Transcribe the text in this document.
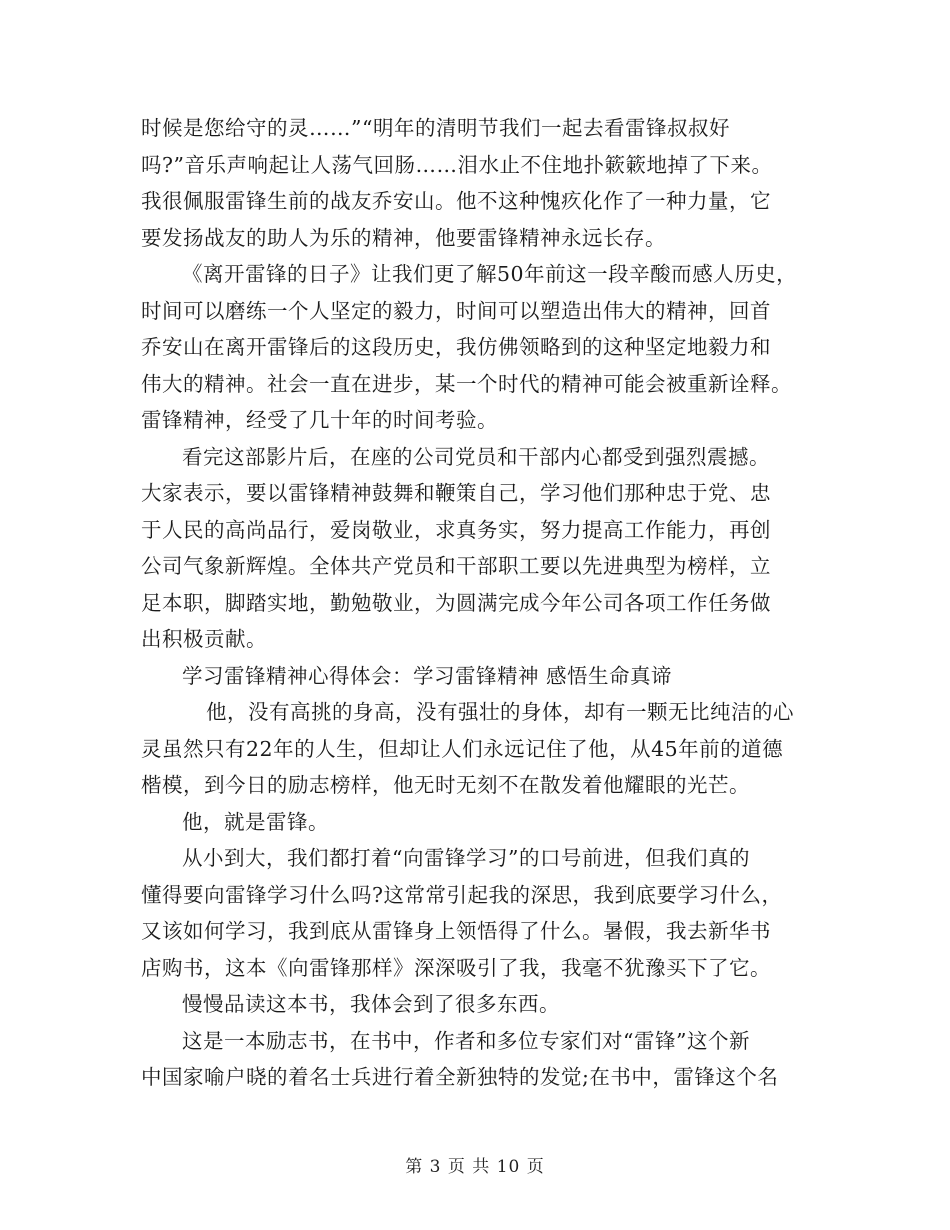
时候是您给守的灵……”“明年的清明节我们一起去看雷锋叔叔好
吗?”音乐声响起让人荡气回肠……泪水止不住地扑簌簌地掉了下来。
我很佩服雷锋生前的战友乔安山。他不这种愧疚化作了一种力量，它
要发扬战友的助人为乐的精神，他要雷锋精神永远长存。
《离开雷锋的日子》让我们更了解50年前这一段辛酸而感人历史，
时间可以磨练一个人坚定的毅力，时间可以塑造出伟大的精神，回首
乔安山在离开雷锋后的这段历史，我仿佛领略到的这种坚定地毅力和
伟大的精神。社会一直在进步，某一个时代的精神可能会被重新诠释。
雷锋精神，经受了几十年的时间考验。
看完这部影片后，在座的公司党员和干部内心都受到强烈震撼。
大家表示，要以雷锋精神鼓舞和鞭策自己，学习他们那种忠于党、忠
于人民的高尚品行，爱岗敬业，求真务实，努力提高工作能力，再创
公司气象新辉煌。全体共产党员和干部职工要以先进典型为榜样，立
足本职，脚踏实地，勤勉敬业，为圆满完成今年公司各项工作任务做
出积极贡献。
学习雷锋精神心得体会：学习雷锋精神 感悟生命真谛
他，没有高挑的身高，没有强壮的身体，却有一颗无比纯洁的心
灵虽然只有22年的人生，但却让人们永远记住了他，从45年前的道德
楷模，到今日的励志榜样，他无时无刻不在散发着他耀眼的光芒。
他，就是雷锋。
从小到大，我们都打着“向雷锋学习”的口号前进，但我们真的
懂得要向雷锋学习什么吗?这常常引起我的深思，我到底要学习什么，
又该如何学习，我到底从雷锋身上领悟得了什么。暑假，我去新华书
店购书，这本《向雷锋那样》深深吸引了我，我毫不犹豫买下了它。
慢慢品读这本书，我体会到了很多东西。
这是一本励志书，在书中，作者和多位专家们对“雷锋”这个新
中国家喻户晓的着名士兵进行着全新独特的发觉;在书中，雷锋这个名
第 3 页 共 10 页
